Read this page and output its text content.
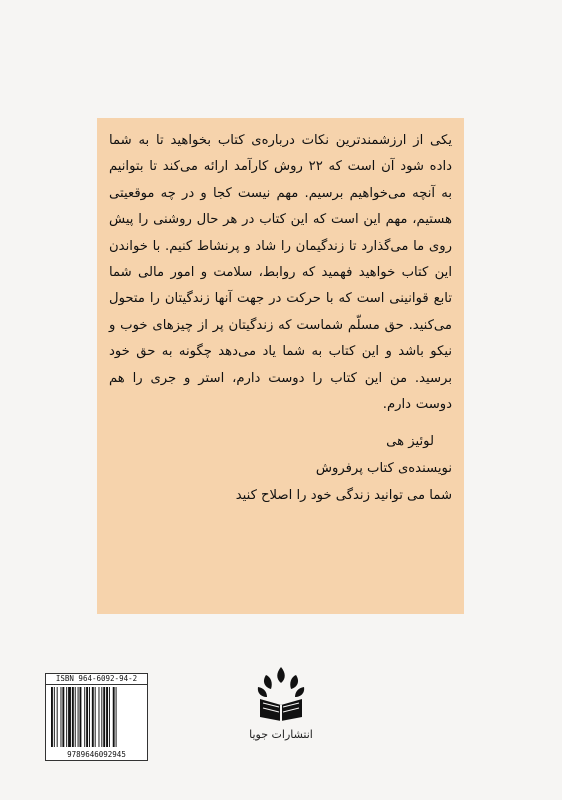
یکی از ارزشمندترین نکات درباره‌ی کتاب بخواهید تا به شما داده شود آن است که ۲۲ روش کارآمد ارائه می‌کند تا بتوانیم به آنچه می‌خواهیم برسیم. مهم نیست کجا و در چه موقعیتی هستیم، مهم این است که این کتاب در هر حال روشنی را پیش روی ما می‌گذارد تا زندگیمان را شاد و پرنشاط کنیم. با خواندن این کتاب خواهید فهمید که روابط، سلامت و امور مالی شما تابع قوانینی است که با حرکت در جهت آنها زندگیتان را متحول می‌کنید. حق مسلّم شماست که زندگیتان پر از چیزهای خوب و نیکو باشد و این کتاب به شما یاد می‌دهد چگونه به حق خود برسید. من این کتاب را دوست دارم، استر و جری را هم دوست دارم.

لوئیز هی
نویسنده‌ی کتاب پرفروش
شما می توانید زندگی خود را اصلاح کنید
ISBN 964-6092-94-2
9789646092945
انتشارات جویا
